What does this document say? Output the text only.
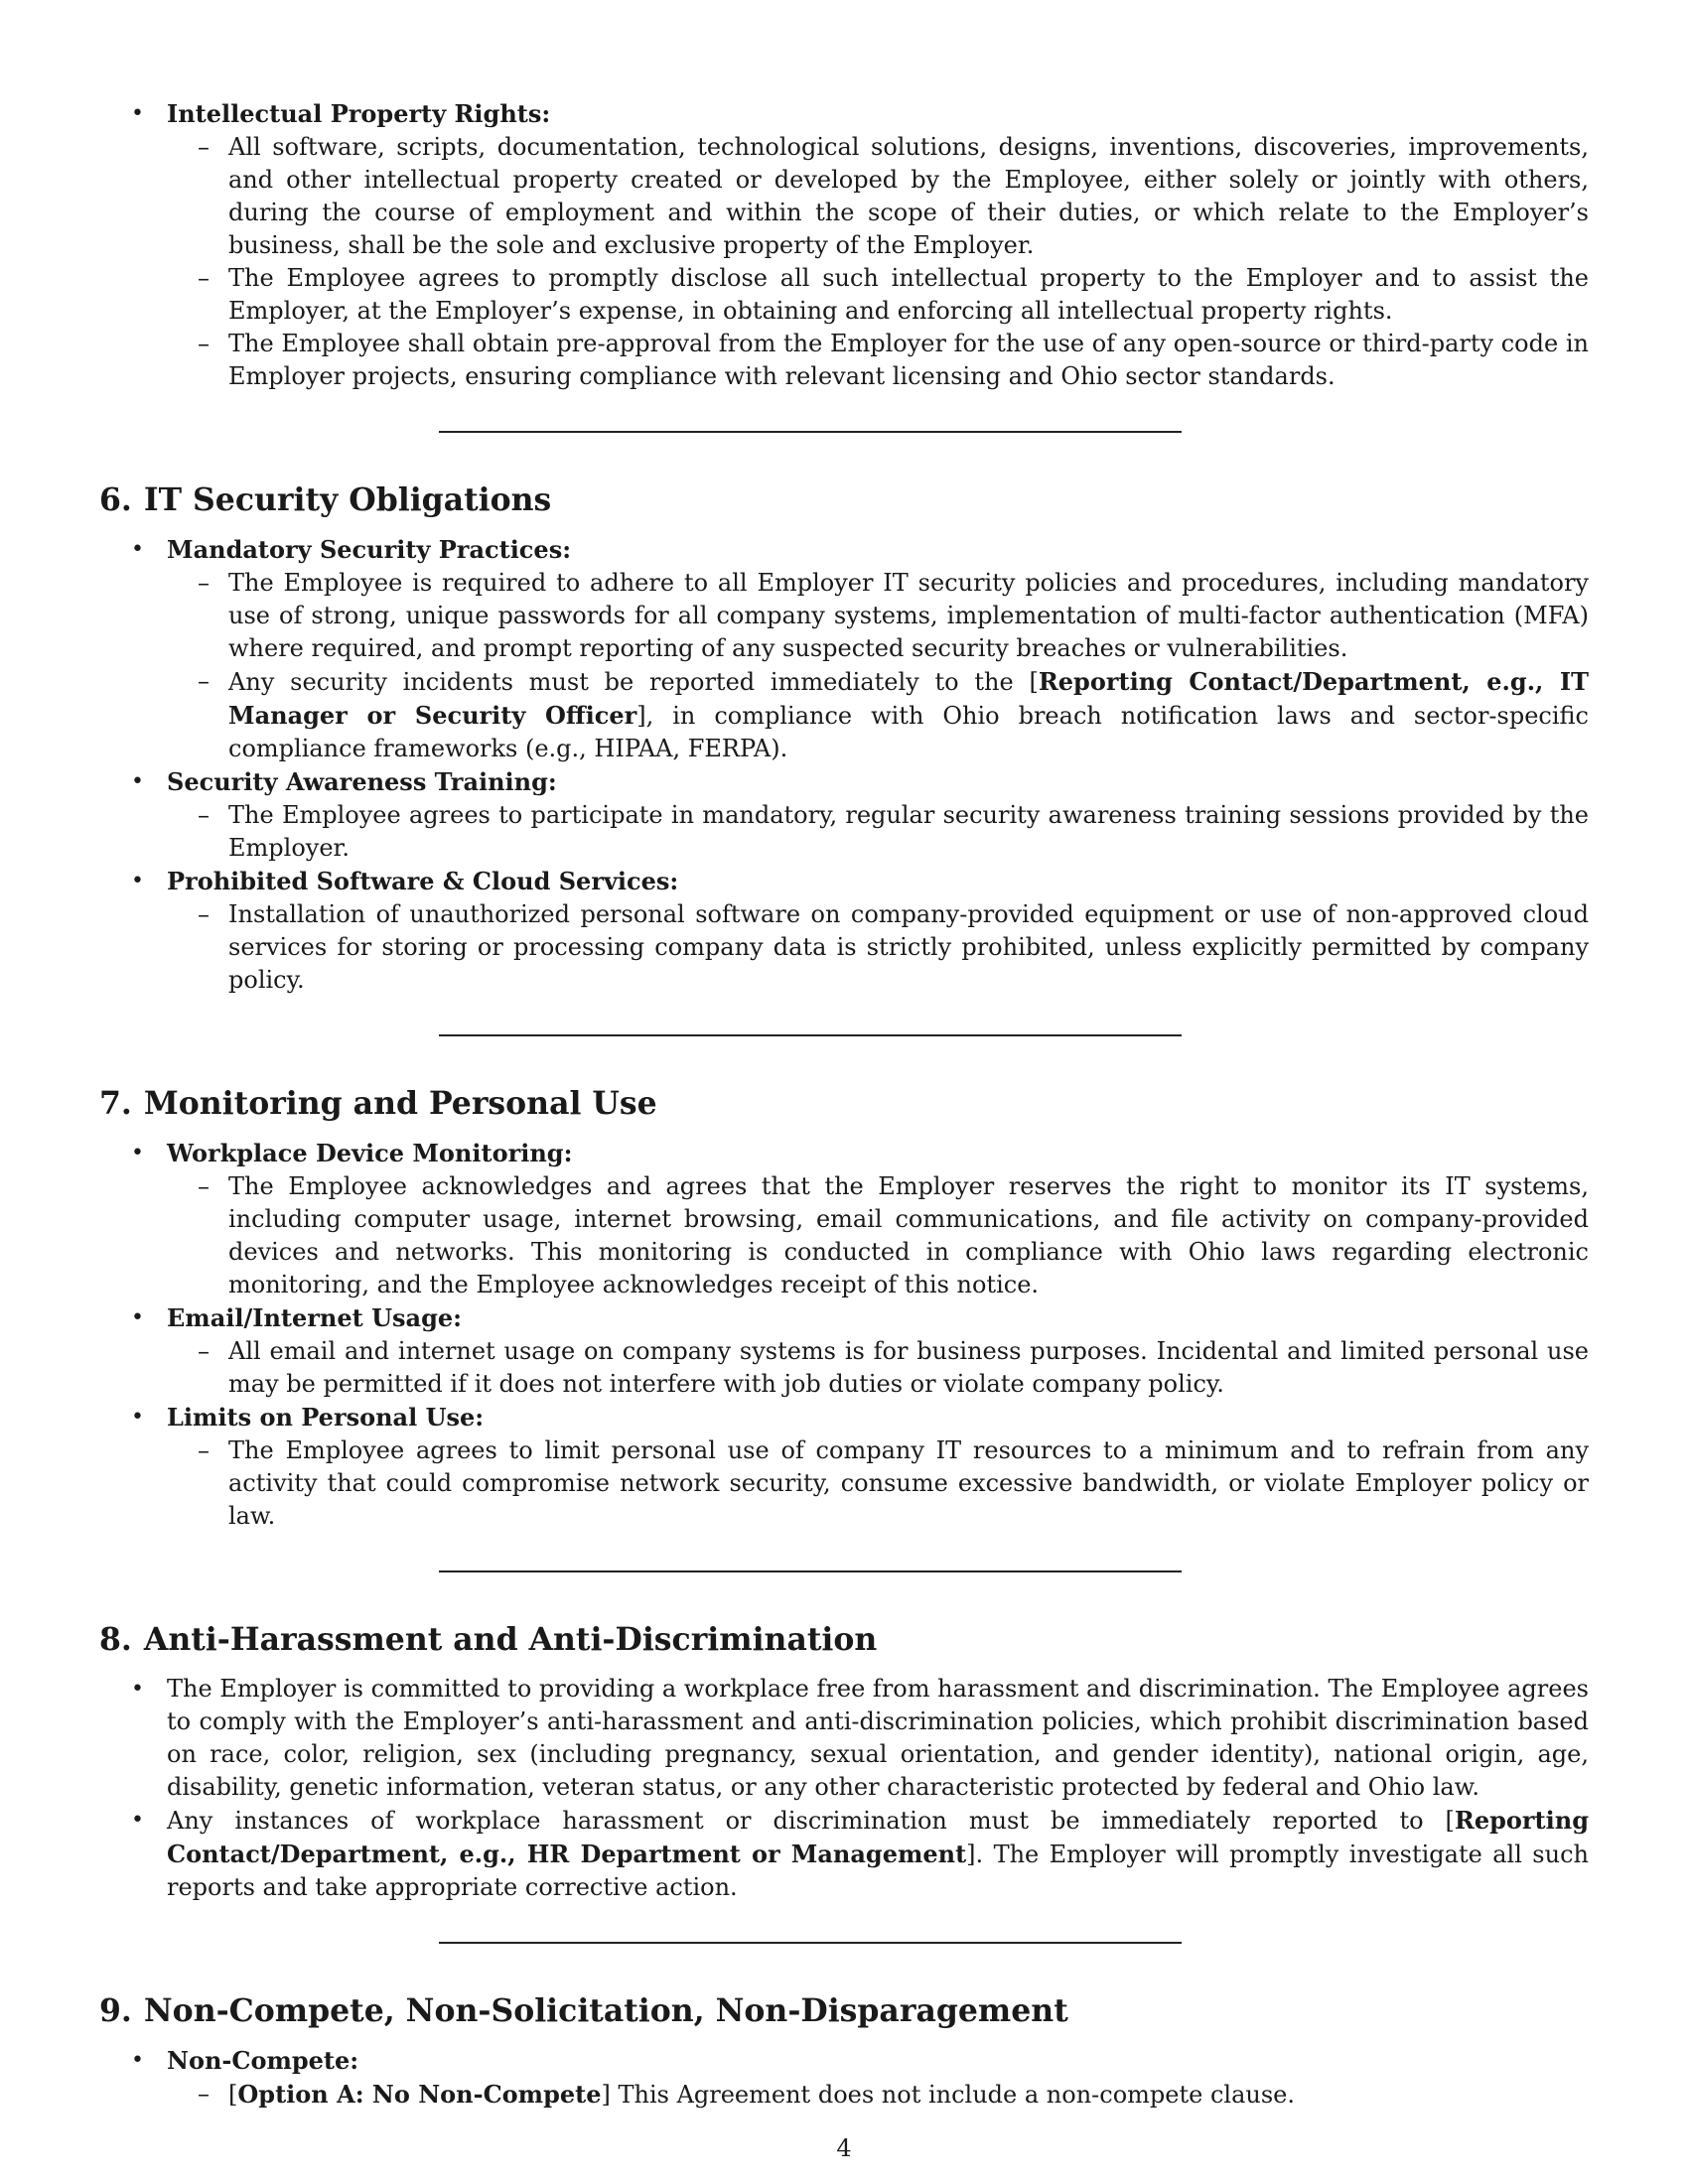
• Intellectual Property Rights:
– All software, scripts, documentation, technological solutions, designs, inventions, discoveries, improvements, and other intellectual property created or developed by the Employee, either solely or jointly with others, during the course of employment and within the scope of their duties, or which relate to the Employer’s business, shall be the sole and exclusive property of the Employer.
– The Employee agrees to promptly disclose all such intellectual property to the Employer and to assist the Employer, at the Employer’s expense, in obtaining and enforcing all intellectual property rights.
– The Employee shall obtain pre-approval from the Employer for the use of any open-source or third-party code in Employer projects, ensuring compliance with relevant licensing and Ohio sector standards.
6. IT Security Obligations
• Mandatory Security Practices:
– The Employee is required to adhere to all Employer IT security policies and procedures, including mandatory use of strong, unique passwords for all company systems, implementation of multi-factor authentication (MFA) where required, and prompt reporting of any suspected security breaches or vulnerabilities.
– Any security incidents must be reported immediately to the [Reporting Contact/Department, e.g., IT Manager or Security Officer], in compliance with Ohio breach notification laws and sector-specific compliance frameworks (e.g., HIPAA, FERPA).
• Security Awareness Training:
– The Employee agrees to participate in mandatory, regular security awareness training sessions provided by the Employer.
• Prohibited Software & Cloud Services:
– Installation of unauthorized personal software on company-provided equipment or use of non-approved cloud services for storing or processing company data is strictly prohibited, unless explicitly permitted by company policy.
7. Monitoring and Personal Use
• Workplace Device Monitoring:
– The Employee acknowledges and agrees that the Employer reserves the right to monitor its IT systems, including computer usage, internet browsing, email communications, and file activity on company-provided devices and networks. This monitoring is conducted in compliance with Ohio laws regarding electronic monitoring, and the Employee acknowledges receipt of this notice.
• Email/Internet Usage:
– All email and internet usage on company systems is for business purposes. Incidental and limited personal use may be permitted if it does not interfere with job duties or violate company policy.
• Limits on Personal Use:
– The Employee agrees to limit personal use of company IT resources to a minimum and to refrain from any activity that could compromise network security, consume excessive bandwidth, or violate Employer policy or law.
8. Anti-Harassment and Anti-Discrimination
• The Employer is committed to providing a workplace free from harassment and discrimination. The Employee agrees to comply with the Employer’s anti-harassment and anti-discrimination policies, which prohibit discrimination based on race, color, religion, sex (including pregnancy, sexual orientation, and gender identity), national origin, age, disability, genetic information, veteran status, or any other characteristic protected by federal and Ohio law.
• Any instances of workplace harassment or discrimination must be immediately reported to [Reporting Contact/Department, e.g., HR Department or Management]. The Employer will promptly investigate all such reports and take appropriate corrective action.
9. Non-Compete, Non-Solicitation, Non-Disparagement
• Non-Compete:
– [Option A: No Non-Compete] This Agreement does not include a non-compete clause.
4
